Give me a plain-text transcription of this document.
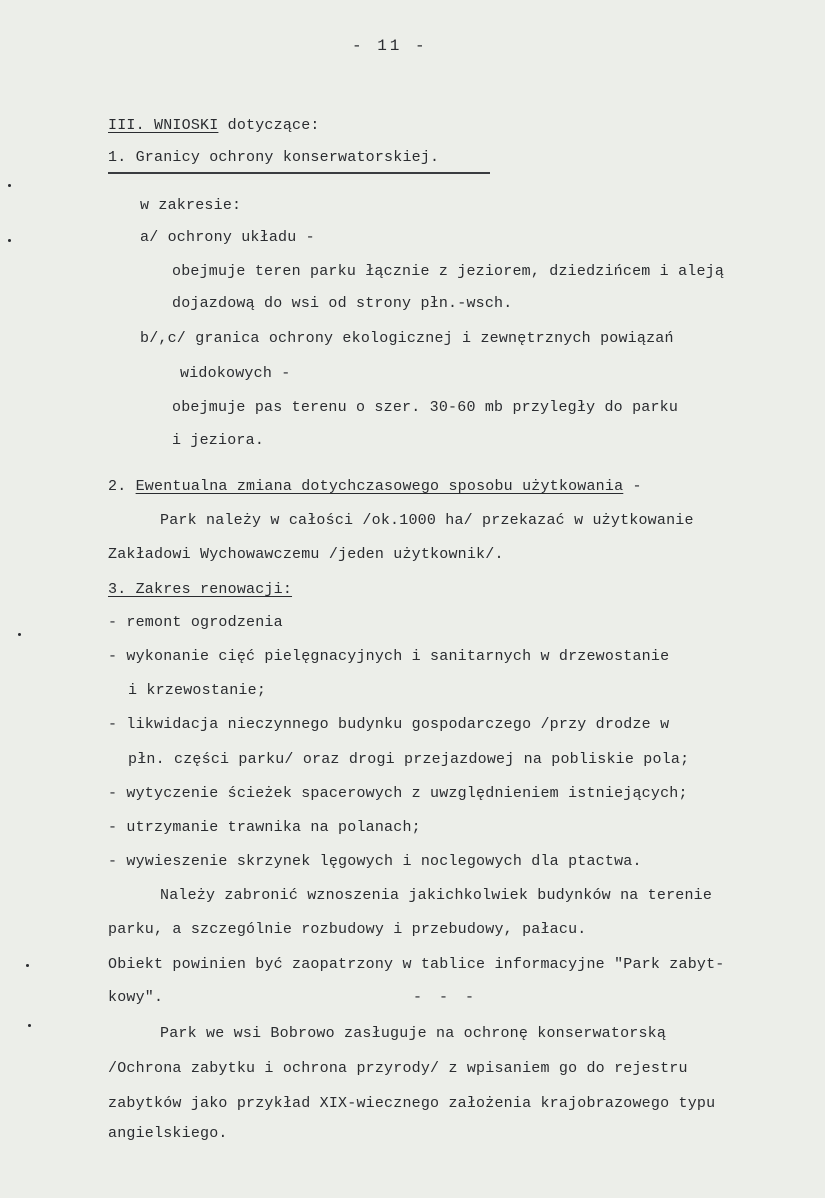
- 11 -
III. WNIOSKI dotyczące:
1. Granicy ochrony konserwatorskiej.
w zakresie:
a/ ochrony układu -
obejmuje teren parku łącznie z jeziorem, dziedzińcem i aleją
dojazdową do wsi od strony płn.-wsch.
b/,c/ granica ochrony ekologicznej i zewnętrznych powiązań
widokowych -
obejmuje pas terenu o szer. 30-60 mb przyległy do parku
i jeziora.
2. Ewentualna zmiana dotychczasowego sposobu użytkowania -
Park należy w całości /ok.1000 ha/ przekazać w użytkowanie
Zakładowi Wychowawczemu /jeden użytkownik/.
3. Zakres renowacji:
- remont ogrodzenia
- wykonanie cięć pielęgnacyjnych i sanitarnych w drzewostanie
i krzewostanie;
- likwidacja nieczynnego budynku gospodarczego /przy drodze w
płn. części parku/ oraz drogi przejazdowej na pobliskie pola;
- wytyczenie ścieżek spacerowych z uwzględnieniem istniejących;
- utrzymanie trawnika na polanach;
- wywieszenie skrzynek lęgowych i noclegowych dla ptactwa.
Należy zabronić wznoszenia jakichkolwiek budynków na terenie
parku, a szczególnie rozbudowy i przebudowy, pałacu.
Obiekt powinien być zaopatrzony w tablice informacyjne "Park zabyt-
kowy".	- - -
Park we wsi Bobrowo zasługuje na ochronę konserwatorską
/Ochrona zabytku i ochrona przyrody/ z wpisaniem go do rejestru
zabytków jako przykład XIX-wiecznego założenia krajobrazowego typu
angielskiego.
